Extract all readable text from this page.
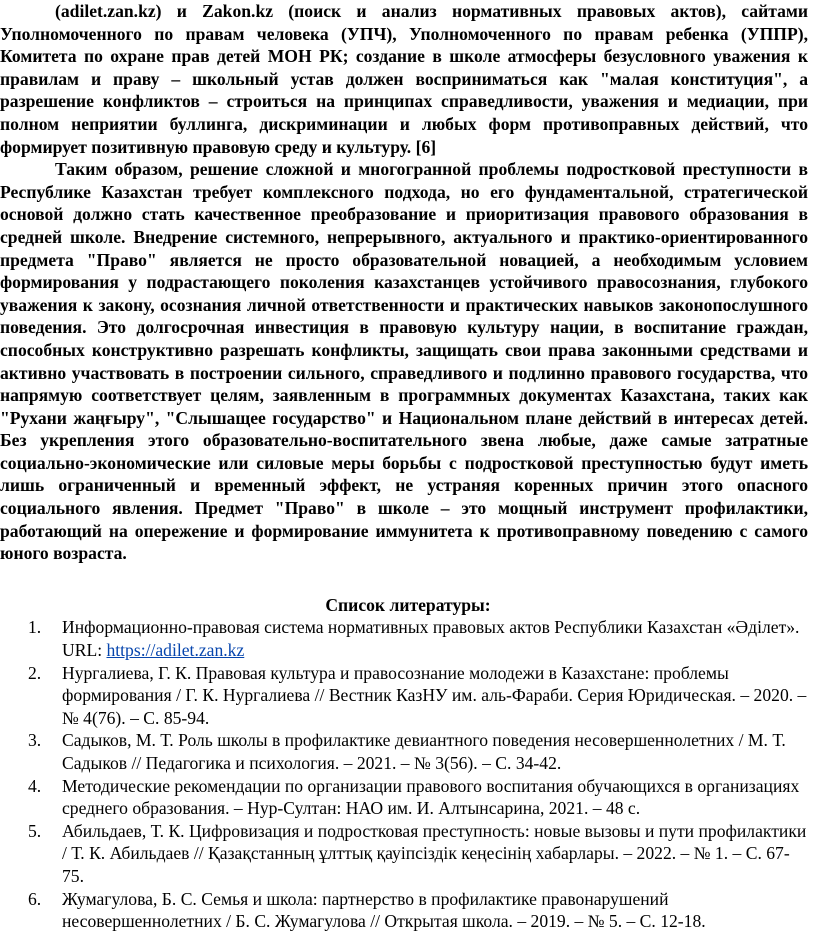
(adilet.zan.kz) и Zakon.kz (поиск и анализ нормативных правовых актов), сайтами Уполномоченного по правам человека (УПЧ), Уполномоченного по правам ребенка (УППР), Комитета по охране прав детей МОН РК; создание в школе атмосферы безусловного уважения к правилам и праву – школьный устав должен восприниматься как "малая конституция", а разрешение конфликтов – строиться на принципах справедливости, уважения и медиации, при полном неприятии буллинга, дискриминации и любых форм противоправных действий, что формирует позитивную правовую среду и культуру. [6]

Таким образом, решение сложной и многогранной проблемы подростковой преступности в Республике Казахстан требует комплексного подхода, но его фундаментальной, стратегической основой должно стать качественное преобразование и приоритизация правового образования в средней школе. Внедрение системного, непрерывного, актуального и практико-ориентированного предмета "Право" является не просто образовательной новацией, а необходимым условием формирования у подрастающего поколения казахстанцев устойчивого правосознания, глубокого уважения к закону, осознания личной ответственности и практических навыков законопослушного поведения. Это долгосрочная инвестиция в правовую культуру нации, в воспитание граждан, способных конструктивно разрешать конфликты, защищать свои права законными средствами и активно участвовать в построении сильного, справедливого и подлинно правового государства, что напрямую соответствует целям, заявленным в программных документах Казахстана, таких как "Рухани жаңғыру", "Слышащее государство" и Национальном плане действий в интересах детей. Без укрепления этого образовательно-воспитательного звена любые, даже самые затратные социально-экономические или силовые меры борьбы с подростковой преступностью будут иметь лишь ограниченный и временный эффект, не устраняя коренных причин этого опасного социального явления. Предмет "Право" в школе – это мощный инструмент профилактики, работающий на опережение и формирование иммунитета к противоправному поведению с самого юного возраста.

Список литературы:
1. Информационно-правовая система нормативных правовых актов Республики Казахстан «Әділет». URL: https://adilet.zan.kz
2. Нургалиева, Г. К. Правовая культура и правосознание молодежи в Казахстане: проблемы формирования / Г. К. Нургалиева // Вестник КазНУ им. аль-Фараби. Серия Юридическая. – 2020. – № 4(76). – С. 85-94.
3. Садыков, М. Т. Роль школы в профилактике девиантного поведения несовершеннолетних / М. Т. Садыков // Педагогика и психология. – 2021. – № 3(56). – С. 34-42.
4. Методические рекомендации по организации правового воспитания обучающихся в организациях среднего образования. – Нур-Султан: НАО им. И. Алтынсарина, 2021. – 48 с.
5. Абильдаев, Т. К. Цифровизация и подростковая преступность: новые вызовы и пути профилактики / Т. К. Абильдаев // Қазақстанның ұлттық қауіпсіздік кеңесінің хабарлары. – 2022. – № 1. – С. 67-75.
6. Жумагулова, Б. С. Семья и школа: партнерство в профилактике правонарушений несовершеннолетних / Б. С. Жумагулова // Открытая школа. – 2019. – № 5. – С. 12-18.
